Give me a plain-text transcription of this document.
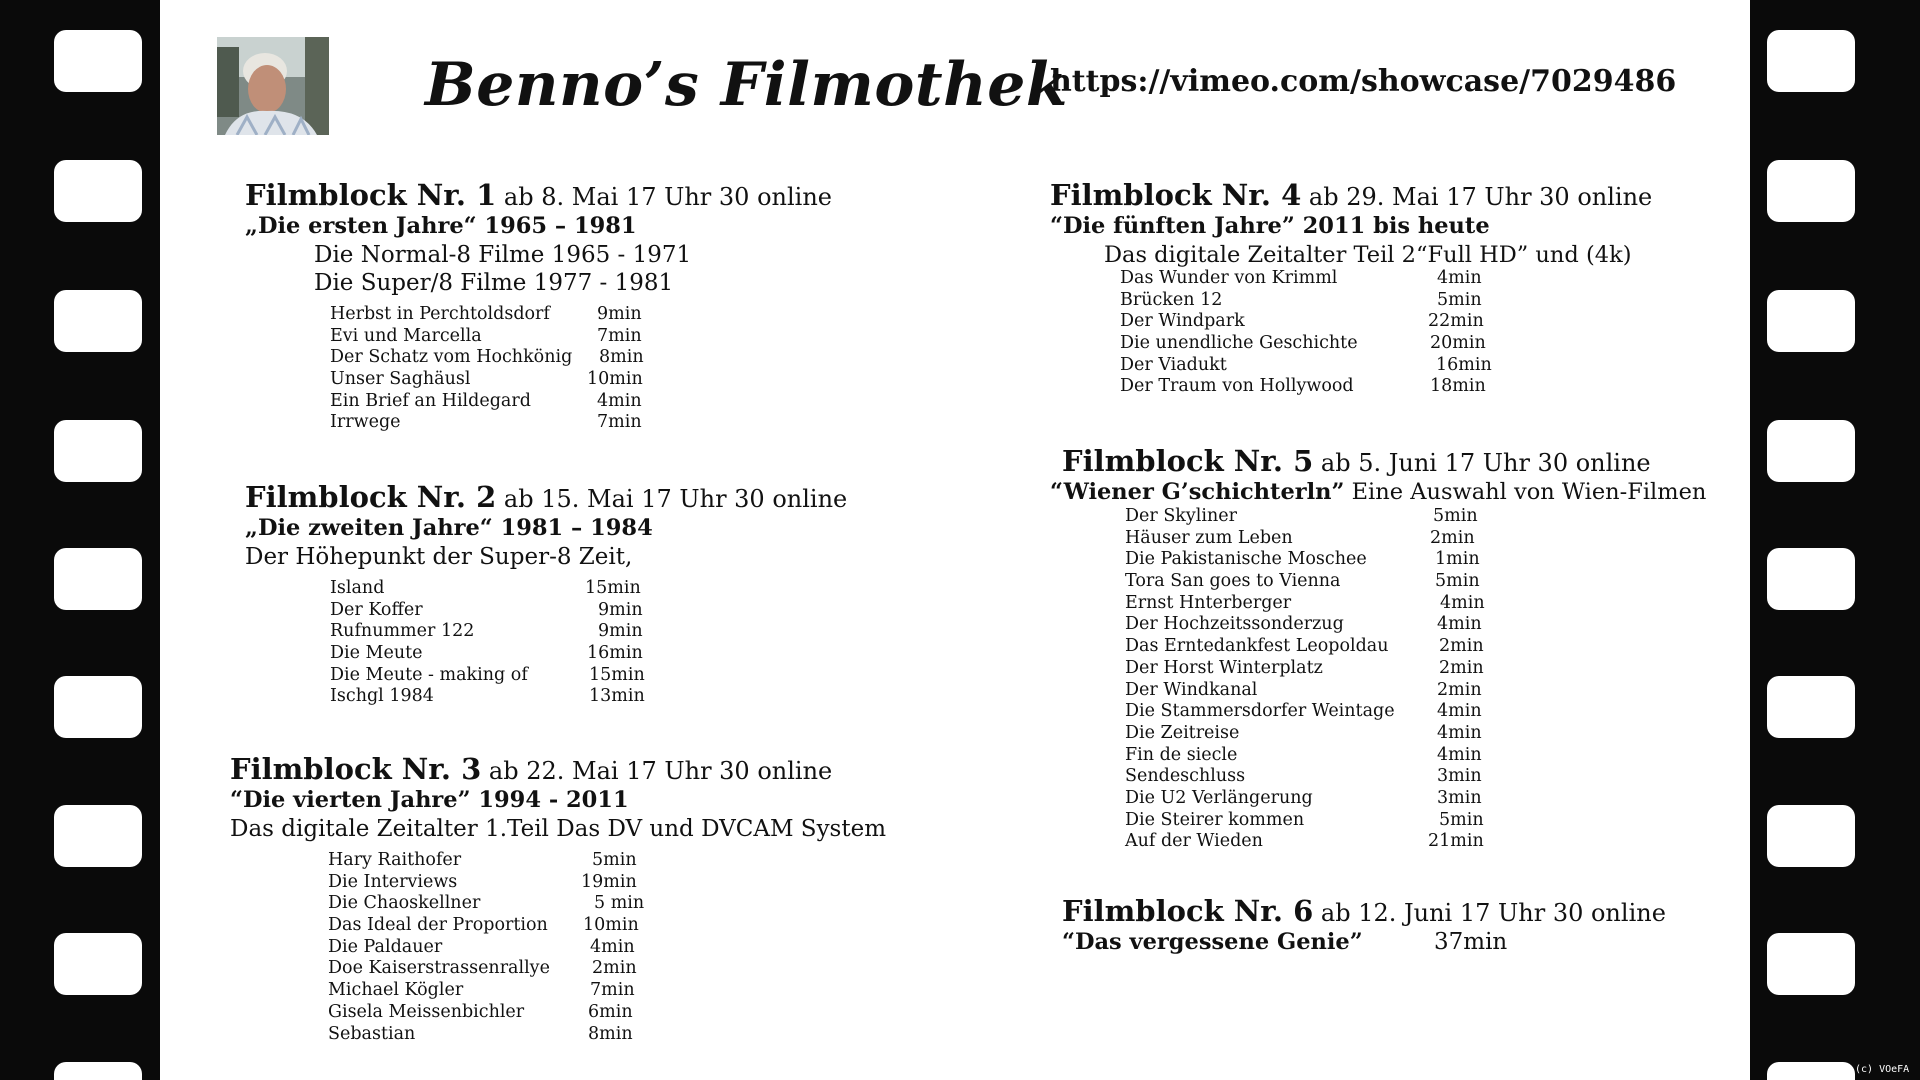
Benno’s Filmothek
https://vimeo.com/showcase/7029486
Filmblock Nr. 1 ab 8. Mai 17 Uhr 30 online
„Die ersten Jahre“ 1965 – 1981
Die Normal-8 Filme 1965 - 1971
Die Super/8 Filme 1977 - 1981
Herbst in Perchtoldsdorf	9min
Evi und Marcella	7min
Der Schatz vom Hochkönig 8min
Unser Saghäusl	10min
Ein Brief an Hildegard	4min
Irrwege	7min
Filmblock Nr. 2 ab 15. Mai 17 Uhr 30 online
„Die zweiten Jahre“ 1981 – 1984
Der Höhepunkt der Super-8 Zeit,
Island	15min
Der Koffer	9min
Rufnummer 122	9min
Die Meute	16min
Die Meute - making of	15min
Ischgl 1984	13min
Filmblock Nr. 3 ab 22. Mai 17 Uhr 30 online
“Die vierten Jahre” 1994 - 2011
Das digitale Zeitalter 1.Teil Das DV und DVCAM System
Hary Raithofer	5min
Die Interviews	19min
Die Chaoskellner	5 min
Das Ideal der Proportion 10min
Die Paldauer	4min
Doe Kaiserstrassenrallye 2min
Michael Kögler	7min
Gisela Meissenbichler	6min
Sebastian	8min
Filmblock Nr. 4 ab 29. Mai 17 Uhr 30 online
“Die fünften Jahre” 2011 bis heute
Das digitale Zeitalter Teil 2“Full HD” und (4k)
Das Wunder von Krimml	4min
Brücken 12	5min
Der Windpark	22min
Die unendliche Geschichte	20min
Der Viadukt	16min
Der Traum von Hollywood	18min
Filmblock Nr. 5 ab 5. Juni 17 Uhr 30 online
“Wiener G’schichterln” Eine Auswahl von Wien-Filmen
Der Skyliner	5min
Häuser zum Leben	2min
Die Pakistanische Moschee	1min
Tora San goes to Vienna	5min
Ernst Hnterberger	4min
Der Hochzeitssonderzug	4min
Das Erntedankfest Leopoldau	2min
Der Horst Winterplatz	2min
Der Windkanal	2min
Die Stammersdorfer Weintage 4min
Die Zeitreise	4min
Fin de siecle	4min
Sendeschluss	3min
Die U2 Verlängerung	3min
Die Steirer kommen	5min
Auf der Wieden	21min
Filmblock Nr. 6 ab 12. Juni 17 Uhr 30 online
“Das vergessene Genie”	37min
(c) VOeFA
